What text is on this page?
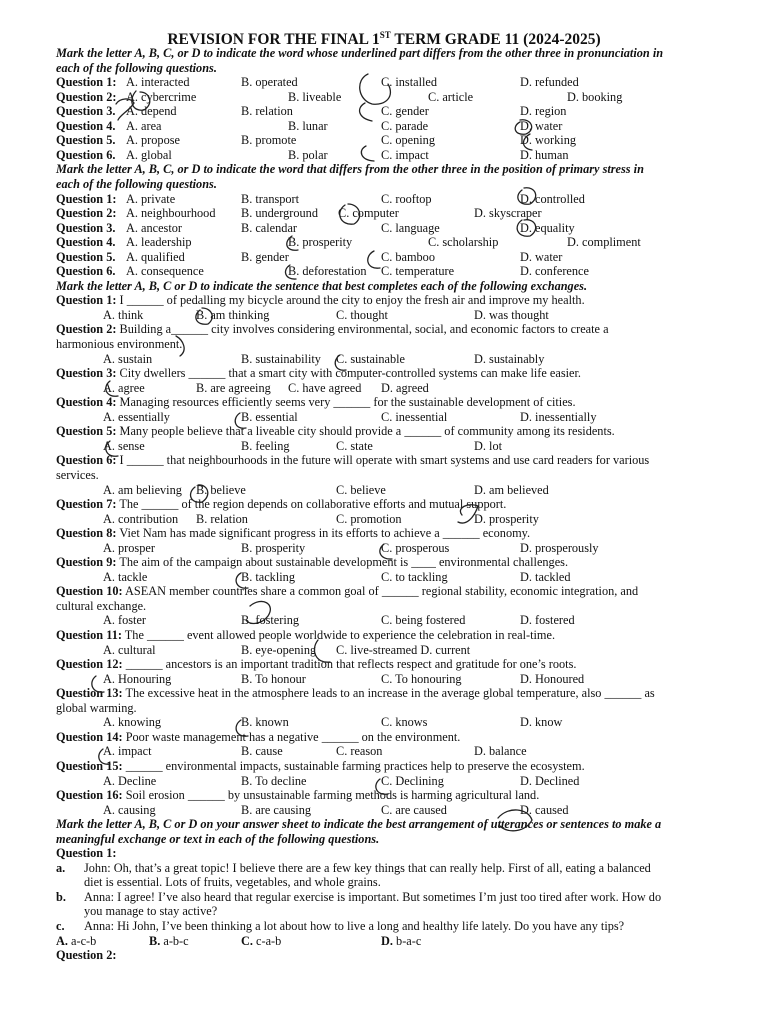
REVISION FOR THE FINAL 1ST TERM GRADE 11 (2024-2025)
Mark the letter A, B, C, or D to indicate the word whose underlined part differs from the other three in pronunciation in
each of the following questions.
Question 1: A. interacted	B. operated	C. installed	D. refunded
Question 2: A. cybercrime	B. liveable	C. article	D. booking
Question 3. A. depend	B. relation	C. gender	D. region
Question 4. A. area	B. lunar	C. parade	D. water
Question 5. A. propose	B. promote	C. opening	D. working
Question 6. A. global	B. polar	C. impact	D. human
Mark the letter A, B, C, or D to indicate the word that differs from the other three in the position of primary stress in
each of the following questions.
Question 1: A. private	B. transport	C. rooftop	D. controlled
Question 2: A. neighbourhood B. underground C. computer	D. skyscraper
Question 3. A. ancestor	B. calendar	C. language	D. equality
Question 4. A. leadership	B. prosperity	C. scholarship	D. compliment
Question 5. A. qualified	B. gender	C. bamboo	D. water
Question 6. A. consequence	B. deforestation C. temperature	D. conference
Mark the letter A, B, C or D to indicate the sentence that best completes each of the following exchanges.
Question 1: I ______ of pedalling my bicycle around the city to enjoy the fresh air and improve my health.
A. think	B. am thinking	C. thought	D. was thought
Question 2: Building a______ city involves considering environmental, social, and economic factors to create a
harmonious environment.
A. sustain	B. sustainability C. sustainable	D. sustainably
Question 3: City dwellers ______ that a smart city with computer-controlled systems can make life easier.
A. agree	B. are agreeing C. have agreed D. agreed
Question 4: Managing resources efficiently seems very ______ for the sustainable development of cities.
A. essentially	B. essential	C. inessential	D. inessentially
Question 5: Many people believe that a liveable city should provide a ______ of community among its residents.
A. sense	B. feeling	C. state	D. lot
Question 6: I ______ that neighbourhoods in the future will operate with smart systems and use card readers for various
services.
A. am believing B. believe	C. believe	D. am believed
Question 7: The ______ of the region depends on collaborative efforts and mutual support.
A. contribution B. relation	C. promotion	D. prosperity
Question 8: Viet Nam has made significant progress in its efforts to achieve a ______ economy.
A. prosper	B. prosperity	C. prosperous	D. prosperously
Question 9: The aim of the campaign about sustainable development is ____ environmental challenges.
A. tackle	B. tackling	C. to tackling	D. tackled
Question 10: ASEAN member countries share a common goal of ______ regional stability, economic integration, and
cultural exchange.
A. foster	B. fostering	C. being fostered	D. fostered
Question 11: The ______ event allowed people worldwide to experience the celebration in real-time.
A. cultural	B. eye-opening C. live-streamed D. current
Question 12: ______ ancestors is an important tradition that reflects respect and gratitude for one’s roots.
A. Honouring	B. To honour	C. To honouring	D. Honoured
Question 13: The excessive heat in the atmosphere leads to an increase in the average global temperature, also ______ as
global warming.
A. knowing	B. known	C. knows	D. know
Question 14: Poor waste management has a negative ______ on the environment.
A. impact	B. cause	C. reason	D. balance
Question 15: ______ environmental impacts, sustainable farming practices help to preserve the ecosystem.
A. Decline	B. To decline	C. Declining	D. Declined
Question 16: Soil erosion ______ by unsustainable farming methods is harming agricultural land.
A. causing	B. are causing	C. are caused	D. caused
Mark the letter A, B, C or D on your answer sheet to indicate the best arrangement of utterances or sentences to make a
meaningful exchange or text in each of the following questions.
Question 1:
a. John: Oh, that’s a great topic! I believe there are a few key things that can really help. First of all, eating a balanced
diet is essential. Lots of fruits, vegetables, and whole grains.
b. Anna: I agree! I’ve also heard that regular exercise is important. But sometimes I’m just too tired after work. How do
you manage to stay active?
c. Anna: Hi John, I’ve been thinking a lot about how to live a long and healthy life lately. Do you have any tips?
A. a-c-b	B. a-b-c	C. c-a-b	D. b-a-c
Question 2:
